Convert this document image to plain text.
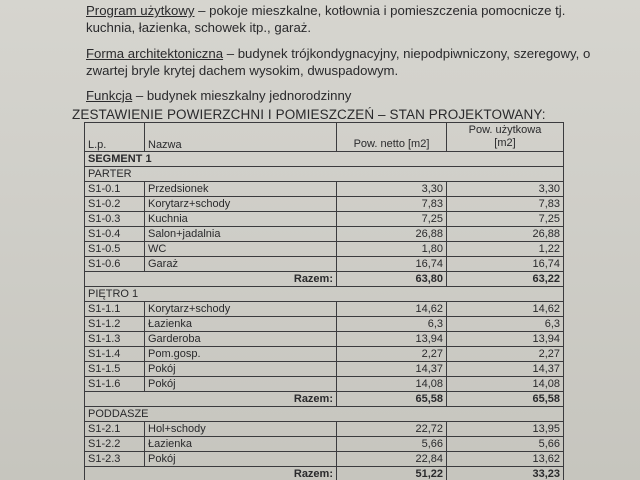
Program użytkowy – pokoje mieszkalne, kotłownia i pomieszczenia pomocnicze tj. kuchnia, łazienka, schowek itp., garaż.
Forma architektoniczna – budynek trójkondygnacyjny, niepodpiwniczony, szeregowy, o zwartej bryle krytej dachem wysokim, dwuspadowym.
Funkcja – budynek mieszkalny jednorodzinny
ZESTAWIENIE POWIERZCHNI I POMIESZCZEŃ – STAN PROJEKTOWANY:
L.p.	Nazwa	Pow. netto [m2]	Pow. użytkowa
[m2]
SEGMENT 1			
PARTER			
S1-0.1	Przedsionek	3,30	3,30
S1-0.2	Korytarz+schody	7,83	7,83
S1-0.3	Kuchnia	7,25	7,25
S1-0.4	Salon+jadalnia	26,88	26,88
S1-0.5	WC	1,80	1,22
S1-0.6	Garaż	16,74	16,74
Razem:		63,80	63,22
PIĘTRO 1			
S1-1.1	Korytarz+schody	14,62	14,62
S1-1.2	Łazienka	6,3	6,3
S1-1.3	Garderoba	13,94	13,94
S1-1.4	Pom.gosp.	2,27	2,27
S1-1.5	Pokój	14,37	14,37
S1-1.6	Pokój	14,08	14,08
Razem:		65,58	65,58
PODDASZE			
S1-2.1	Hol+schody	22,72	13,95
S1-2.2	Łazienka	5,66	5,66
S1-2.3	Pokój	22,84	13,62
Razem:		51,22	33,23
